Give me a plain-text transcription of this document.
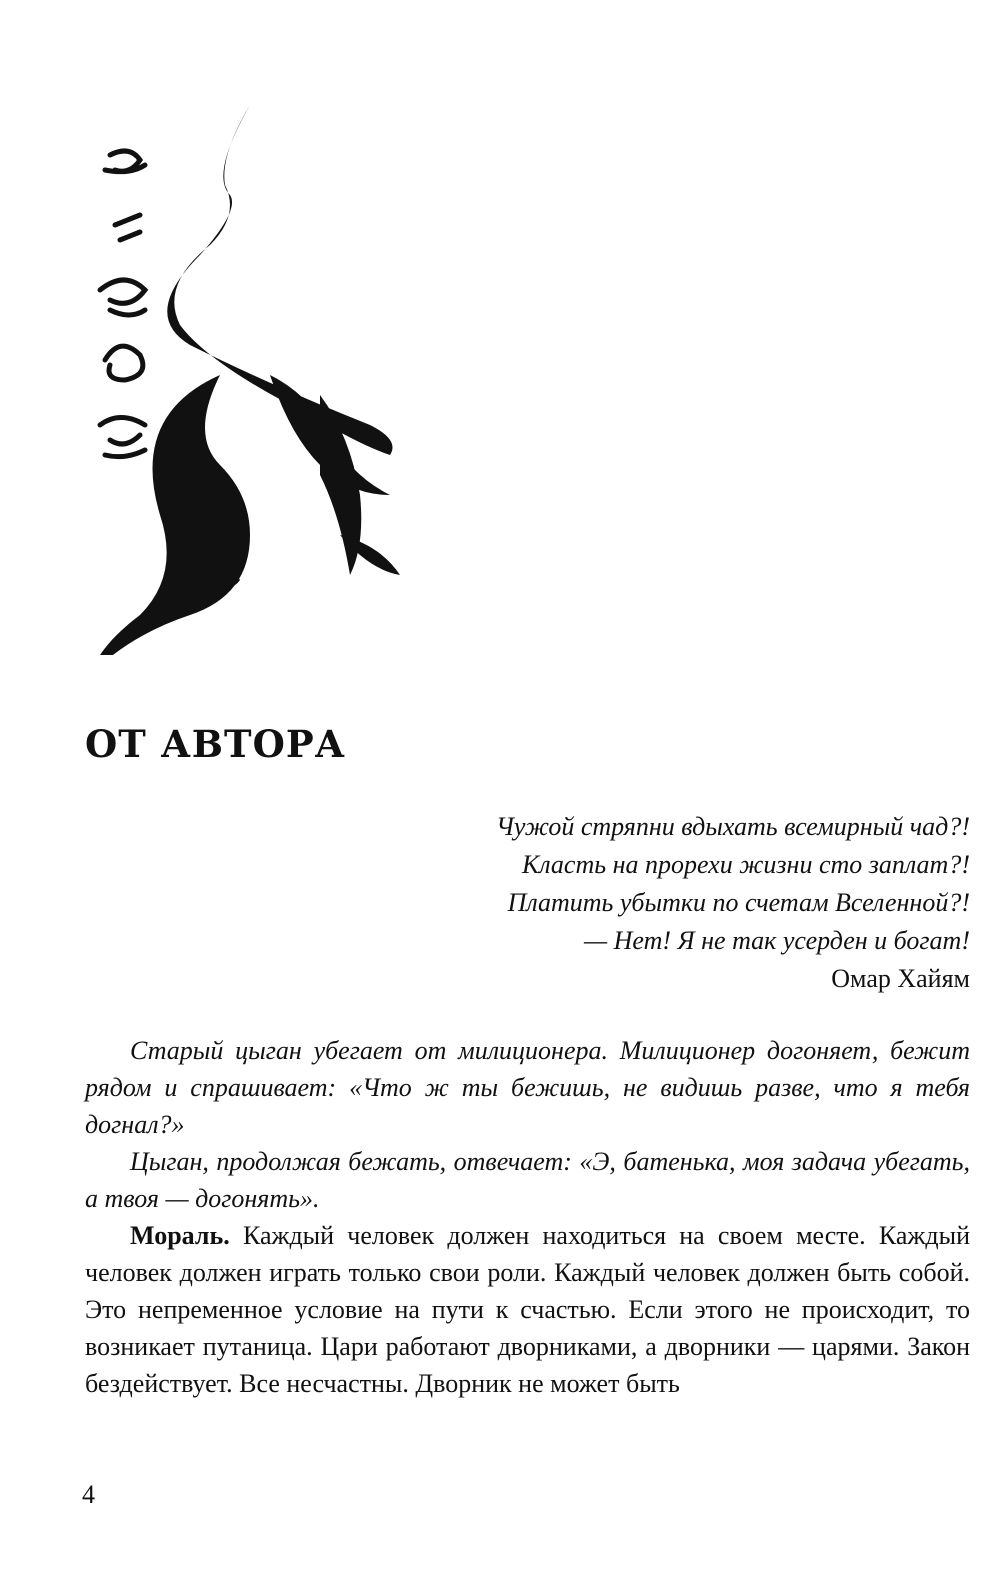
ОТ АВТОРА
Чужой стряпни вдыхать всемирный чад?!
Класть на прорехи жизни сто заплат?!
Платить убытки по счетам Вселенной?!
— Нет! Я не так усерден и богат!
Омар Хайям

Старый цыган убегает от милиционера. Милиционер догоняет, бежит рядом и спрашивает: «Что ж ты бежишь, не видишь разве, что я тебя догнал?»

Цыган, продолжая бежать, отвечает: «Э, батенька, моя задача убегать, а твоя — догонять».

Мораль. Каждый человек должен находиться на своем месте. Каждый человек должен играть только свои роли. Каждый человек должен быть собой. Это непременное условие на пути к счастью. Если этого не происходит, то возникает путаница. Цари работают дворниками, а дворники — царями. Закон бездействует. Все несчастны. Дворник не может быть

4
